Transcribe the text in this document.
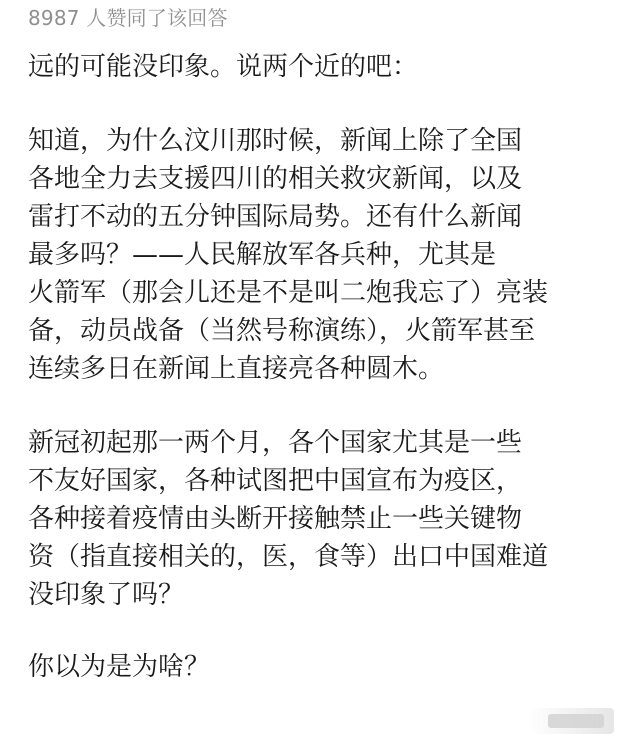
8987 人赞同了该回答

远的可能没印象。说两个近的吧：

知道，为什么汶川那时候，新闻上除了全国
各地全力去支援四川的相关救灾新闻，以及
雷打不动的五分钟国际局势。还有什么新闻
最多吗？——人民解放军各兵种，尤其是
火箭军（那会儿还是不是叫二炮我忘了）亮装
备，动员战备（当然号称演练），火箭军甚至
连续多日在新闻上直接亮各种圆木。

新冠初起那一两个月，各个国家尤其是一些
不友好国家，各种试图把中国宣布为疫区，
各种接着疫情由头断开接触禁止一些关键物
资（指直接相关的，医，食等）出口中国难道
没印象了吗？

你以为是为啥？
